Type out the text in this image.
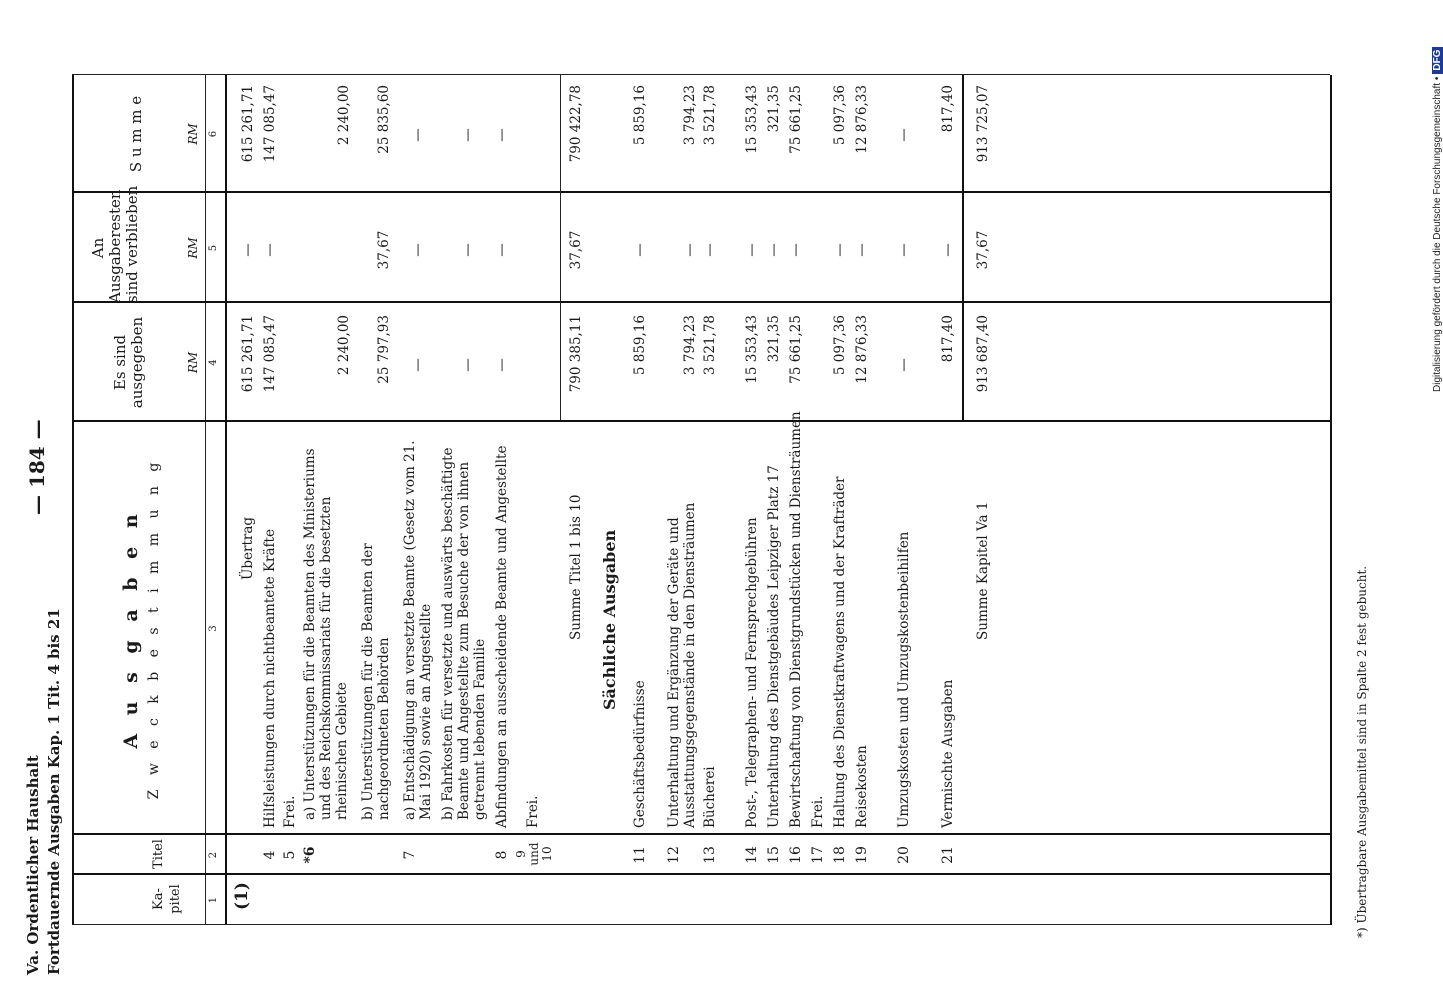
Va. Ordentlicher Haushalt Fortdauernde Ausgaben Kap. 1 Tit. 4 bis 21
— 184 —
Ka-
pitel
Titel
A u s g a b e n Z w e c k b e s t i m m u n g
Es sind
ausgegeben
An
Ausgaberesten
sind verblieben
S u m m e
RM
RM
RM
1
2
3
4
5
6
(1)
Übertrag
615 261,71
—
615 261,71
4
Hilfsleistungen durch nichtbeamtete Kräfte
147 085,47
—
147 085,47
5
Frei.
*6
a) Unterstützungen für die Beamten des Ministeriums und des Reichskommissariats für die besetzten rheinischen Gebiete
2 240,00
2 240,00
b) Unterstützungen für die Beamten der nachgeordneten Behörden
25 797,93
37,67
25 835,60
7
a) Entschädigung an versetzte Beamte (Gesetz vom 21. Mai 1920) sowie an Angestellte
—
—
—
b) Fahrkosten für versetzte und auswärts beschäftigte Beamte und Angestellte zum Besuche der von ihnen getrennt lebenden Familie
—
—
—
8
Abfindungen an ausscheidende Beamte und Angestellte
—
—
—
9 und 10
Frei.
Summe Titel 1 bis 10
790 385,11
37,67
790 422,78
Sächliche Ausgaben
11
Geschäftsbedürfnisse
5 859,16
—
5 859,16
12
Unterhaltung und Ergänzung der Geräte und Ausstattungsgegenstände in den Diensträumen
3 794,23
—
3 794,23
13
Bücherei
3 521,78
—
3 521,78
14
Post-, Telegraphen- und Fernsprechgebühren
15 353,43
—
15 353,43
15
Unterhaltung des Dienstgebäudes Leipziger Platz 17
321,35
—
321,35
16
Bewirtschaftung von Dienstgrundstücken und Diensträumen
75 661,25
—
75 661,25
17
Frei.
18
Haltung des Dienstkraftwagens und der Krafträder
5 097,36
—
5 097,36
19
Reisekosten
12 876,33
—
12 876,33
20
Umzugskosten und Umzugskostenbeihilfen
—
—
—
21
Vermischte Ausgaben
817,40
—
817,40
Summe Kapitel Va 1
913 687,40
37,67
913 725,07
*) Übertragbare Ausgabemittel sind in Spalte 2 fest gebucht.
Digitalisierung gefördert durch die Deutsche Forschungsgemeinschaft •DFG
